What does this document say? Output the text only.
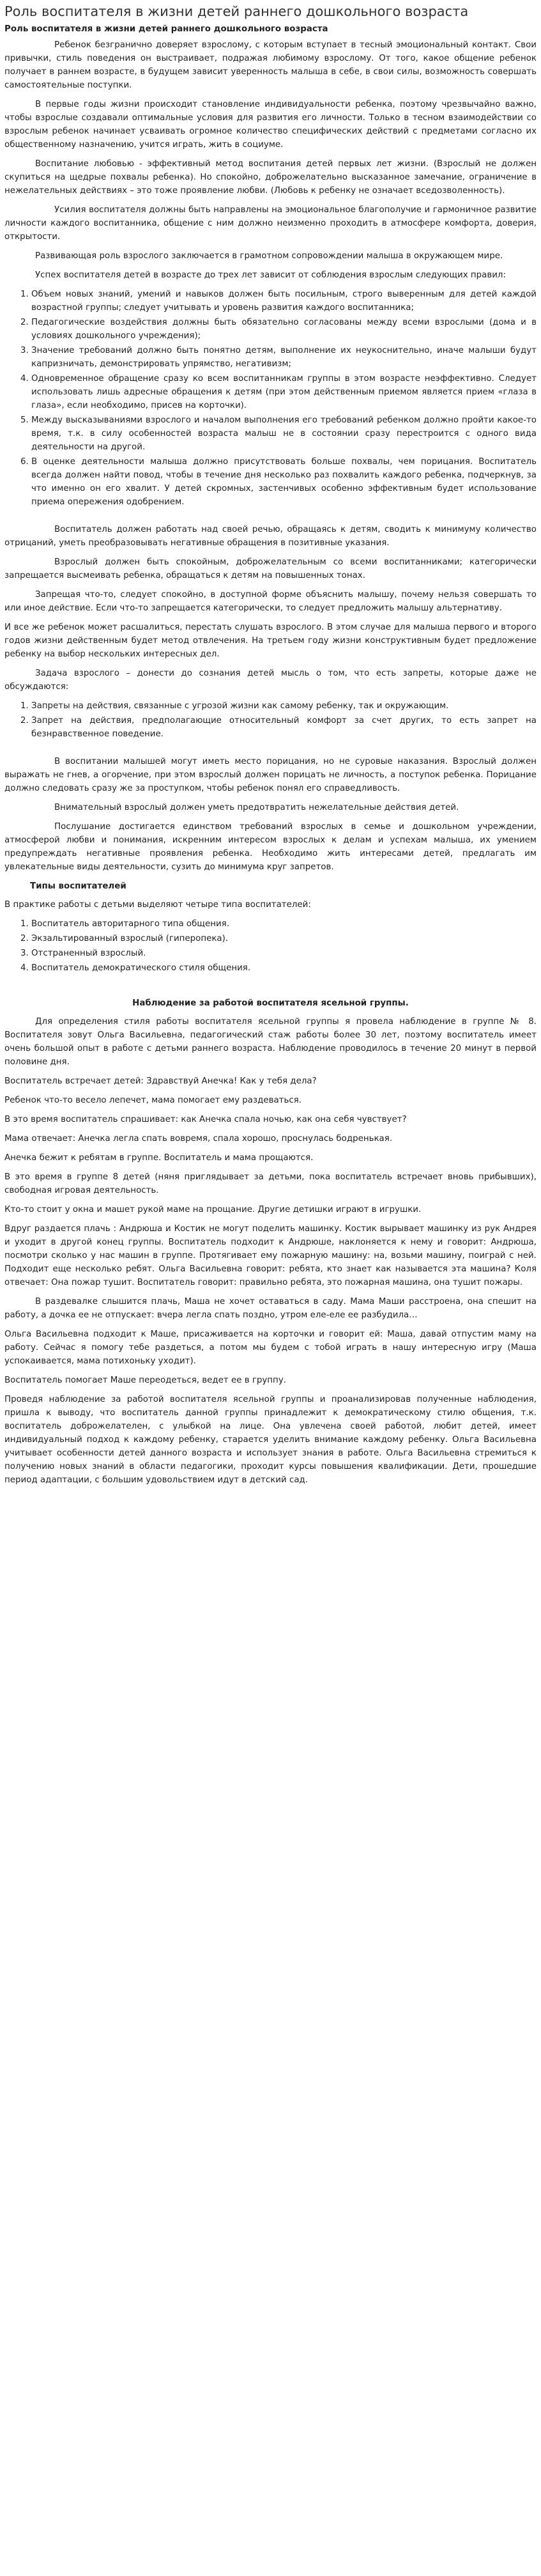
Роль воспитателя в жизни детей раннего дошкольного возраста

Роль воспитателя в жизни детей раннего дошкольного возраста

Ребенок безгранично доверяет взрослому, с которым вступает в тесный эмоциональный контакт. Свои привычки, стиль поведения он выстраивает, подражая любимому взрослому. От того, какое общение ребенок получает в раннем возрасте, в будущем зависит уверенность малыша в себе, в свои силы, возможность совершать самостоятельные поступки.

В первые годы жизни происходит становление индивидуальности ребенка, поэтому чрезвычайно важно, чтобы взрослые создавали оптимальные условия для развития его личности. Только в тесном взаимодействии со взрослым ребенок начинает усваивать огромное количество специфических действий с предметами согласно их общественному назначению, учится играть, жить в социуме.

Воспитание любовью - эффективный метод воспитания детей первых лет жизни. (Взрослый не должен скупиться на щедрые похвалы ребенка). Но спокойно, доброжелательно высказанное замечание, ограничение в нежелательных действиях – это тоже проявление любви. (Любовь к ребенку не означает вседозволенность).

Усилия воспитателя должны быть направлены на эмоциональное благополучие и гармоничное развитие личности каждого воспитанника, общение с ним должно неизменно проходить в атмосфере комфорта, доверия, открытости.

Развивающая роль взрослого заключается в грамотном сопровождении малыша в окружающем мире.

Успех воспитателя детей в возрасте до трех лет зависит от соблюдения взрослым следующих правил:

1. Объем новых знаний, умений и навыков должен быть посильным, строго выверенным для детей каждой возрастной группы; следует учитывать и уровень развития каждого воспитанника;
2. Педагогические воздействия должны быть обязательно согласованы между всеми взрослыми (дома и в условиях дошкольного учреждения);
3. Значение требований должно быть понятно детям, выполнение их неукоснительно, иначе малыши будут капризничать, демонстрировать упрямство, негативизм;
4. Одновременное обращение сразу ко всем воспитанникам группы в этом возрасте неэффективно. Следует использовать лишь адресные обращения к детям (при этом действенным приемом является прием «глаза в глаза», если необходимо, присев на корточки).
5. Между высказываниями взрослого и началом выполнения его требований ребенком должно пройти какое-то время, т.к. в силу особенностей возраста малыш не в состоянии сразу перестроится с одного вида деятельности на другой.
6. В оценке деятельности малыша должно присутствовать больше похвалы, чем порицания. Воспитатель всегда должен найти повод, чтобы в течение дня несколько раз похвалить каждого ребенка, подчеркнув, за что именно он его хвалит. У детей скромных, застенчивых особенно эффективным будет использование приема опережения одобрением.

Воспитатель должен работать над своей речью, обращаясь к детям, сводить к минимуму количество отрицаний, уметь преобразовывать негативные обращения в позитивные указания.

Взрослый должен быть спокойным, доброжелательным со всеми воспитанниками; категорически запрещается высмеивать ребенка, обращаться к детям на повышенных тонах.

Запрещая что-то, следует спокойно, в доступной форме объяснить малышу, почему нельзя совершать то или иное действие. Если что-то запрещается категорически, то следует предложить малышу альтернативу.

И все же ребенок может расшалиться, перестать слушать взрослого. В этом случае для малыша первого и второго годов жизни действенным будет метод отвлечения. На третьем году жизни конструктивным будет предложение ребенку на выбор нескольких интересных дел.

Задача взрослого – донести до сознания детей мысль о том, что есть запреты, которые даже не обсуждаются:

1. Запреты на действия, связанные с угрозой жизни как самому ребенку, так и окружающим.
2. Запрет на действия, предполагающие относительный комфорт за счет других, то есть запрет на безнравственное поведение.

В воспитании малышей могут иметь место порицания, но не суровые наказания. Взрослый должен выражать не гнев, а огорчение, при этом взрослый должен порицать не личность, а поступок ребенка. Порицание должно следовать сразу же за проступком, чтобы ребенок понял его справедливость.

Внимательный взрослый должен уметь предотвратить нежелательные действия детей.

Послушание достигается единством требований взрослых в семье и дошкольном учреждении, атмосферой любви и понимания, искренним интересом взрослых к делам и успехам малыша, их умением предупреждать негативные проявления ребенка. Необходимо жить интересами детей, предлагать им увлекательные виды деятельности, сузить до минимума круг запретов.

Типы воспитателей

В практике работы с детьми выделяют четыре типа воспитателей:

1. Воспитатель авторитарного типа общения.
2. Экзальтированный взрослый (гиперопека).
3. Отстраненный взрослый.
4. Воспитатель демократического стиля общения.
Наблюдение за работой воспитателя ясельной группы.

Для определения стиля работы воспитателя ясельной группы я провела наблюдение в группе № 8. Воспитателя зовут Ольга Васильевна, педагогический стаж работы более 30 лет, поэтому воспитатель имеет очень большой опыт в работе с детьми раннего возраста. Наблюдение проводилось в течение 20 минут в первой половине дня.

Воспитатель встречает детей: Здравствуй Анечка! Как у тебя дела?

Ребенок что-то весело лепечет, мама помогает ему раздеваться.

В это время воспитатель спрашивает: как Анечка спала ночью, как она себя чувствует?

Мама отвечает: Анечка легла спать вовремя, спала хорошо, проснулась бодренькая.

Анечка бежит к ребятам в группе. Воспитатель и мама прощаются.

В это время в группе 8 детей (няня приглядывает за детьми, пока воспитатель встречает вновь прибывших), свободная игровая деятельность.

Кто-то стоит у окна и машет рукой маме на прощание. Другие детишки играют в игрушки.

Вдруг раздается плачь : Андрюша и Костик не могут поделить машинку. Костик вырывает машинку из рук Андрея и уходит в другой конец группы. Воспитатель подходит к Андрюше, наклоняется к нему и говорит: Андрюша, посмотри сколько у нас машин в группе. Протягивает ему пожарную машину: на, возьми машину, поиграй с ней. Подходит еще несколько ребят. Ольга Васильевна говорит: ребята, кто знает как называется эта машина? Коля отвечает: Она пожар тушит. Воспитатель говорит: правильно ребята, это пожарная машина, она тушит пожары.

В раздевалке слышится плачь, Маша не хочет оставаться в саду. Мама Маши расстроена, она спешит на работу, а дочка ее не отпускает: вчера легла спать поздно, утром еле-еле ее разбудила…

Ольга Васильевна подходит к Маше, присаживается на корточки и говорит ей: Маша, давай отпустим маму на работу. Сейчас я помогу тебе раздеться, а потом мы будем с тобой играть в нашу интересную игру (Маша успокаивается, мама потихоньку уходит).

Воспитатель помогает Маше переодеться, ведет ее в группу.

Проведя наблюдение за работой воспитателя ясельной группы и проанализировав полученные наблюдения, пришла к выводу, что воспитатель данной группы принадлежит к демократическому стилю общения, т.к. воспитатель доброжелателен, с улыбкой на лице. Она увлечена своей работой, любит детей, имеет индивидуальный подход к каждому ребенку, старается уделить внимание каждому ребенку. Ольга Васильевна учитывает особенности детей данного возраста и использует знания в работе. Ольга Васильевна стремиться к получению новых знаний в области педагогики, проходит курсы повышения квалификации. Дети, прошедшие период адаптации, с большим удовольствием идут в детский сад.
